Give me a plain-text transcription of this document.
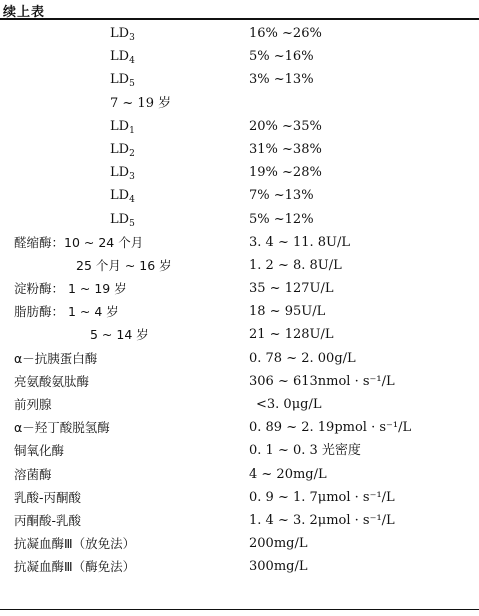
续上表
$LD_3$	16% ~26%
$LD_4$	5% ~16%
$LD_5$	3% ~13%
7 ~ 19 岁
$LD_1$	20% ~35%
$LD_2$	31% ~38%
$LD_3$	19% ~28%
$LD_4$	7% ~13%
$LD_5$	5% ~12%
醛缩酶：10 ~ 24 个月	3. 4 ~ 11. 8U/L
25 个月 ~ 16 岁	1. 2 ~ 8. 8U/L
淀粉酶： 1 ~ 19 岁	35 ~ 127U/L
脂肪酶： 1 ~ 4 岁	18 ~ 95U/L
5 ~ 14 岁	21 ~ 128U/L
α－抗胰蛋白酶	0. 78 ~ 2. 00g/L
亮氨酸氨肽酶	306 ~ 613nmol · s⁻¹/L
前列腺	<3. 0μg/L
α－羟丁酸脱氢酶	0. 89 ~ 2. 19pmol · s⁻¹/L
铜氧化酶	0. 1 ~ 0. 3 光密度
溶菌酶	4 ~ 20mg/L
乳酸-丙酮酸	0. 9 ~ 1. 7μmol · s⁻¹/L
丙酮酸-乳酸	1. 4 ~ 3. 2μmol · s⁻¹/L
抗凝血酶Ⅲ（放免法）	200mg/L
抗凝血酶Ⅲ（酶免法）	300mg/L
